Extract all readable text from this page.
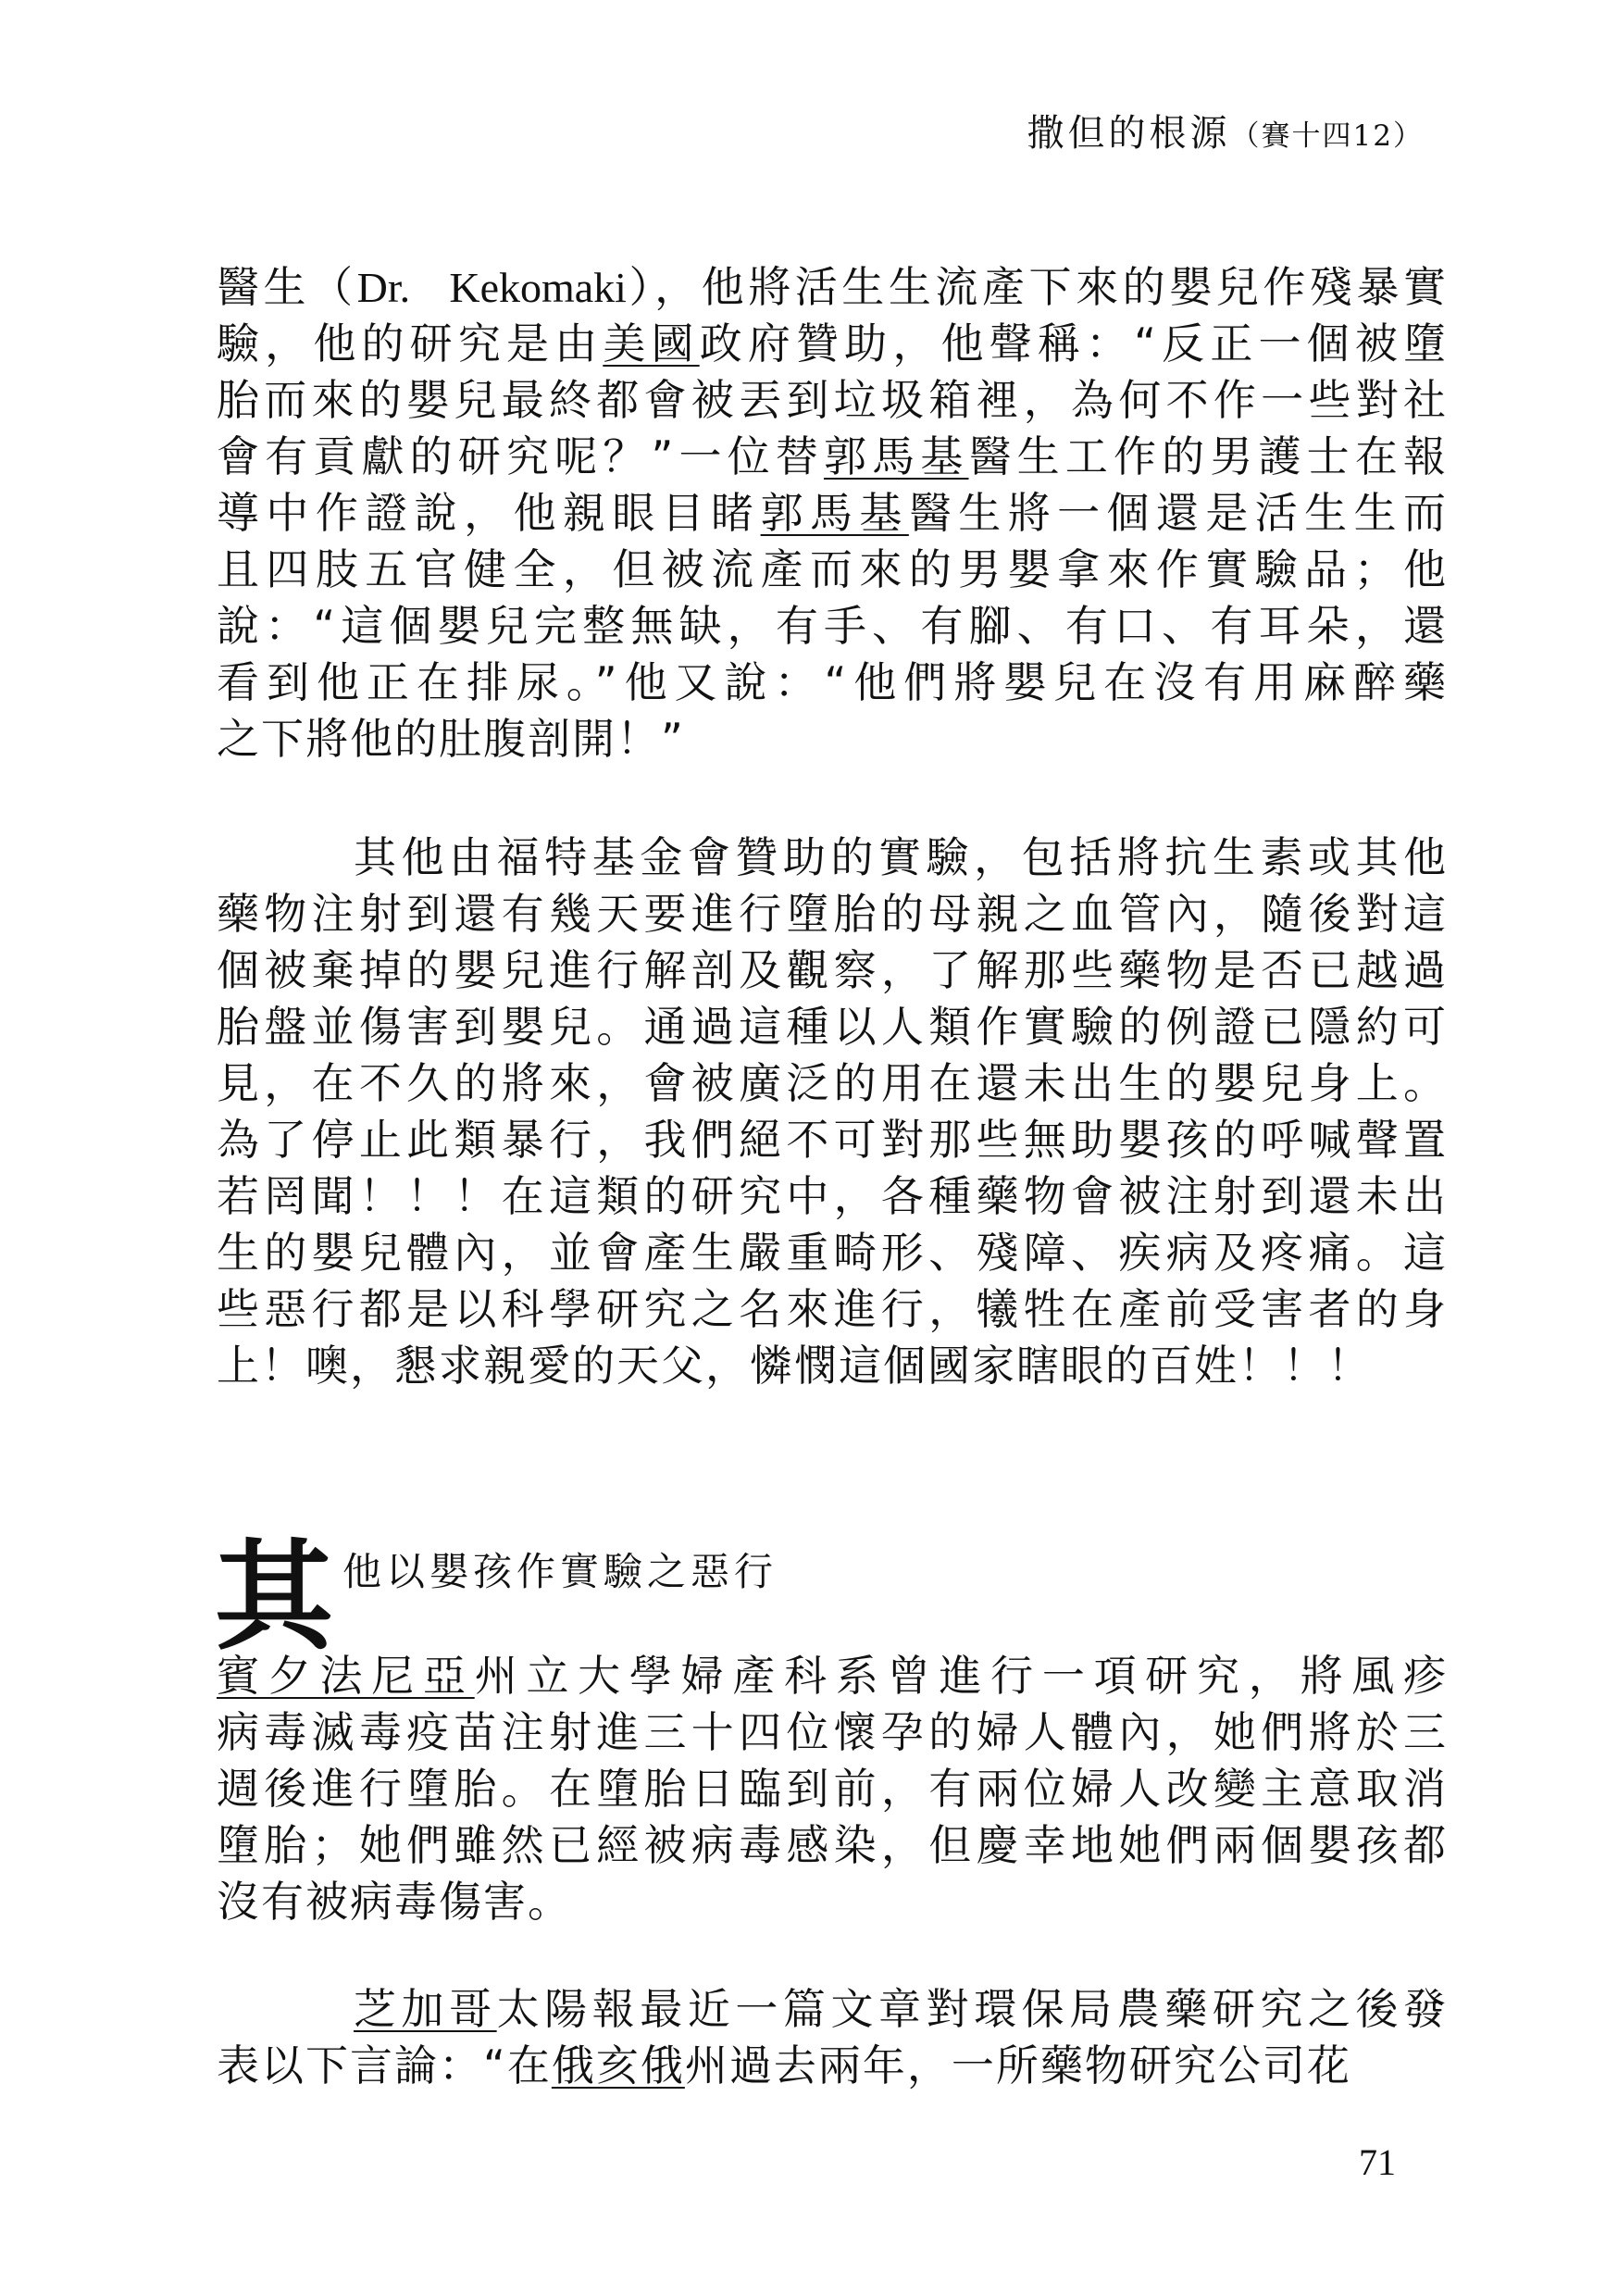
撒但的根源（賽十四12）
醫生（Dr.   Kekomaki），他將活生生流產下來的嬰兒作殘暴實
驗，他的研究是由美國政府贊助，他聲稱：“反正一個被墮
胎而來的嬰兒最終都會被丟到垃圾箱裡，為何不作一些對社
會有貢獻的研究呢？”一位替郭馬基醫生工作的男護士在報
導中作證說，他親眼目睹郭馬基醫生將一個還是活生生而
且四肢五官健全，但被流產而來的男嬰拿來作實驗品；他
說：“這個嬰兒完整無缺，有手、有腳、有口、有耳朵，還
看到他正在排尿。”他又說：“他們將嬰兒在沒有用麻醉藥
之下將他的肚腹剖開！”
其他由福特基金會贊助的實驗，包括將抗生素或其他
藥物注射到還有幾天要進行墮胎的母親之血管內，隨後對這
個被棄掉的嬰兒進行解剖及觀察，了解那些藥物是否已越過
胎盤並傷害到嬰兒。通過這種以人類作實驗的例證已隱約可
見，在不久的將來，會被廣泛的用在還未出生的嬰兒身上。
為了停止此類暴行，我們絕不可對那些無助嬰孩的呼喊聲置
若罔聞！！！在這類的研究中，各種藥物會被注射到還未出
生的嬰兒體內，並會產生嚴重畸形、殘障、疾病及疼痛。這
些惡行都是以科學研究之名來進行，犧牲在產前受害者的身
上！噢，懇求親愛的天父，憐憫這個國家瞎眼的百姓！！！
其 他以嬰孩作實驗之惡行
賓夕法尼亞州立大學婦產科系曾進行一項研究，將風疹
病毒滅毒疫苗注射進三十四位懷孕的婦人體內，她們將於三
週後進行墮胎。在墮胎日臨到前，有兩位婦人改變主意取消
墮胎；她們雖然已經被病毒感染，但慶幸地她們兩個嬰孩都
沒有被病毒傷害。
芝加哥太陽報最近一篇文章對環保局農藥研究之後發
表以下言論：“在俄亥俄州過去兩年，一所藥物研究公司花
71
